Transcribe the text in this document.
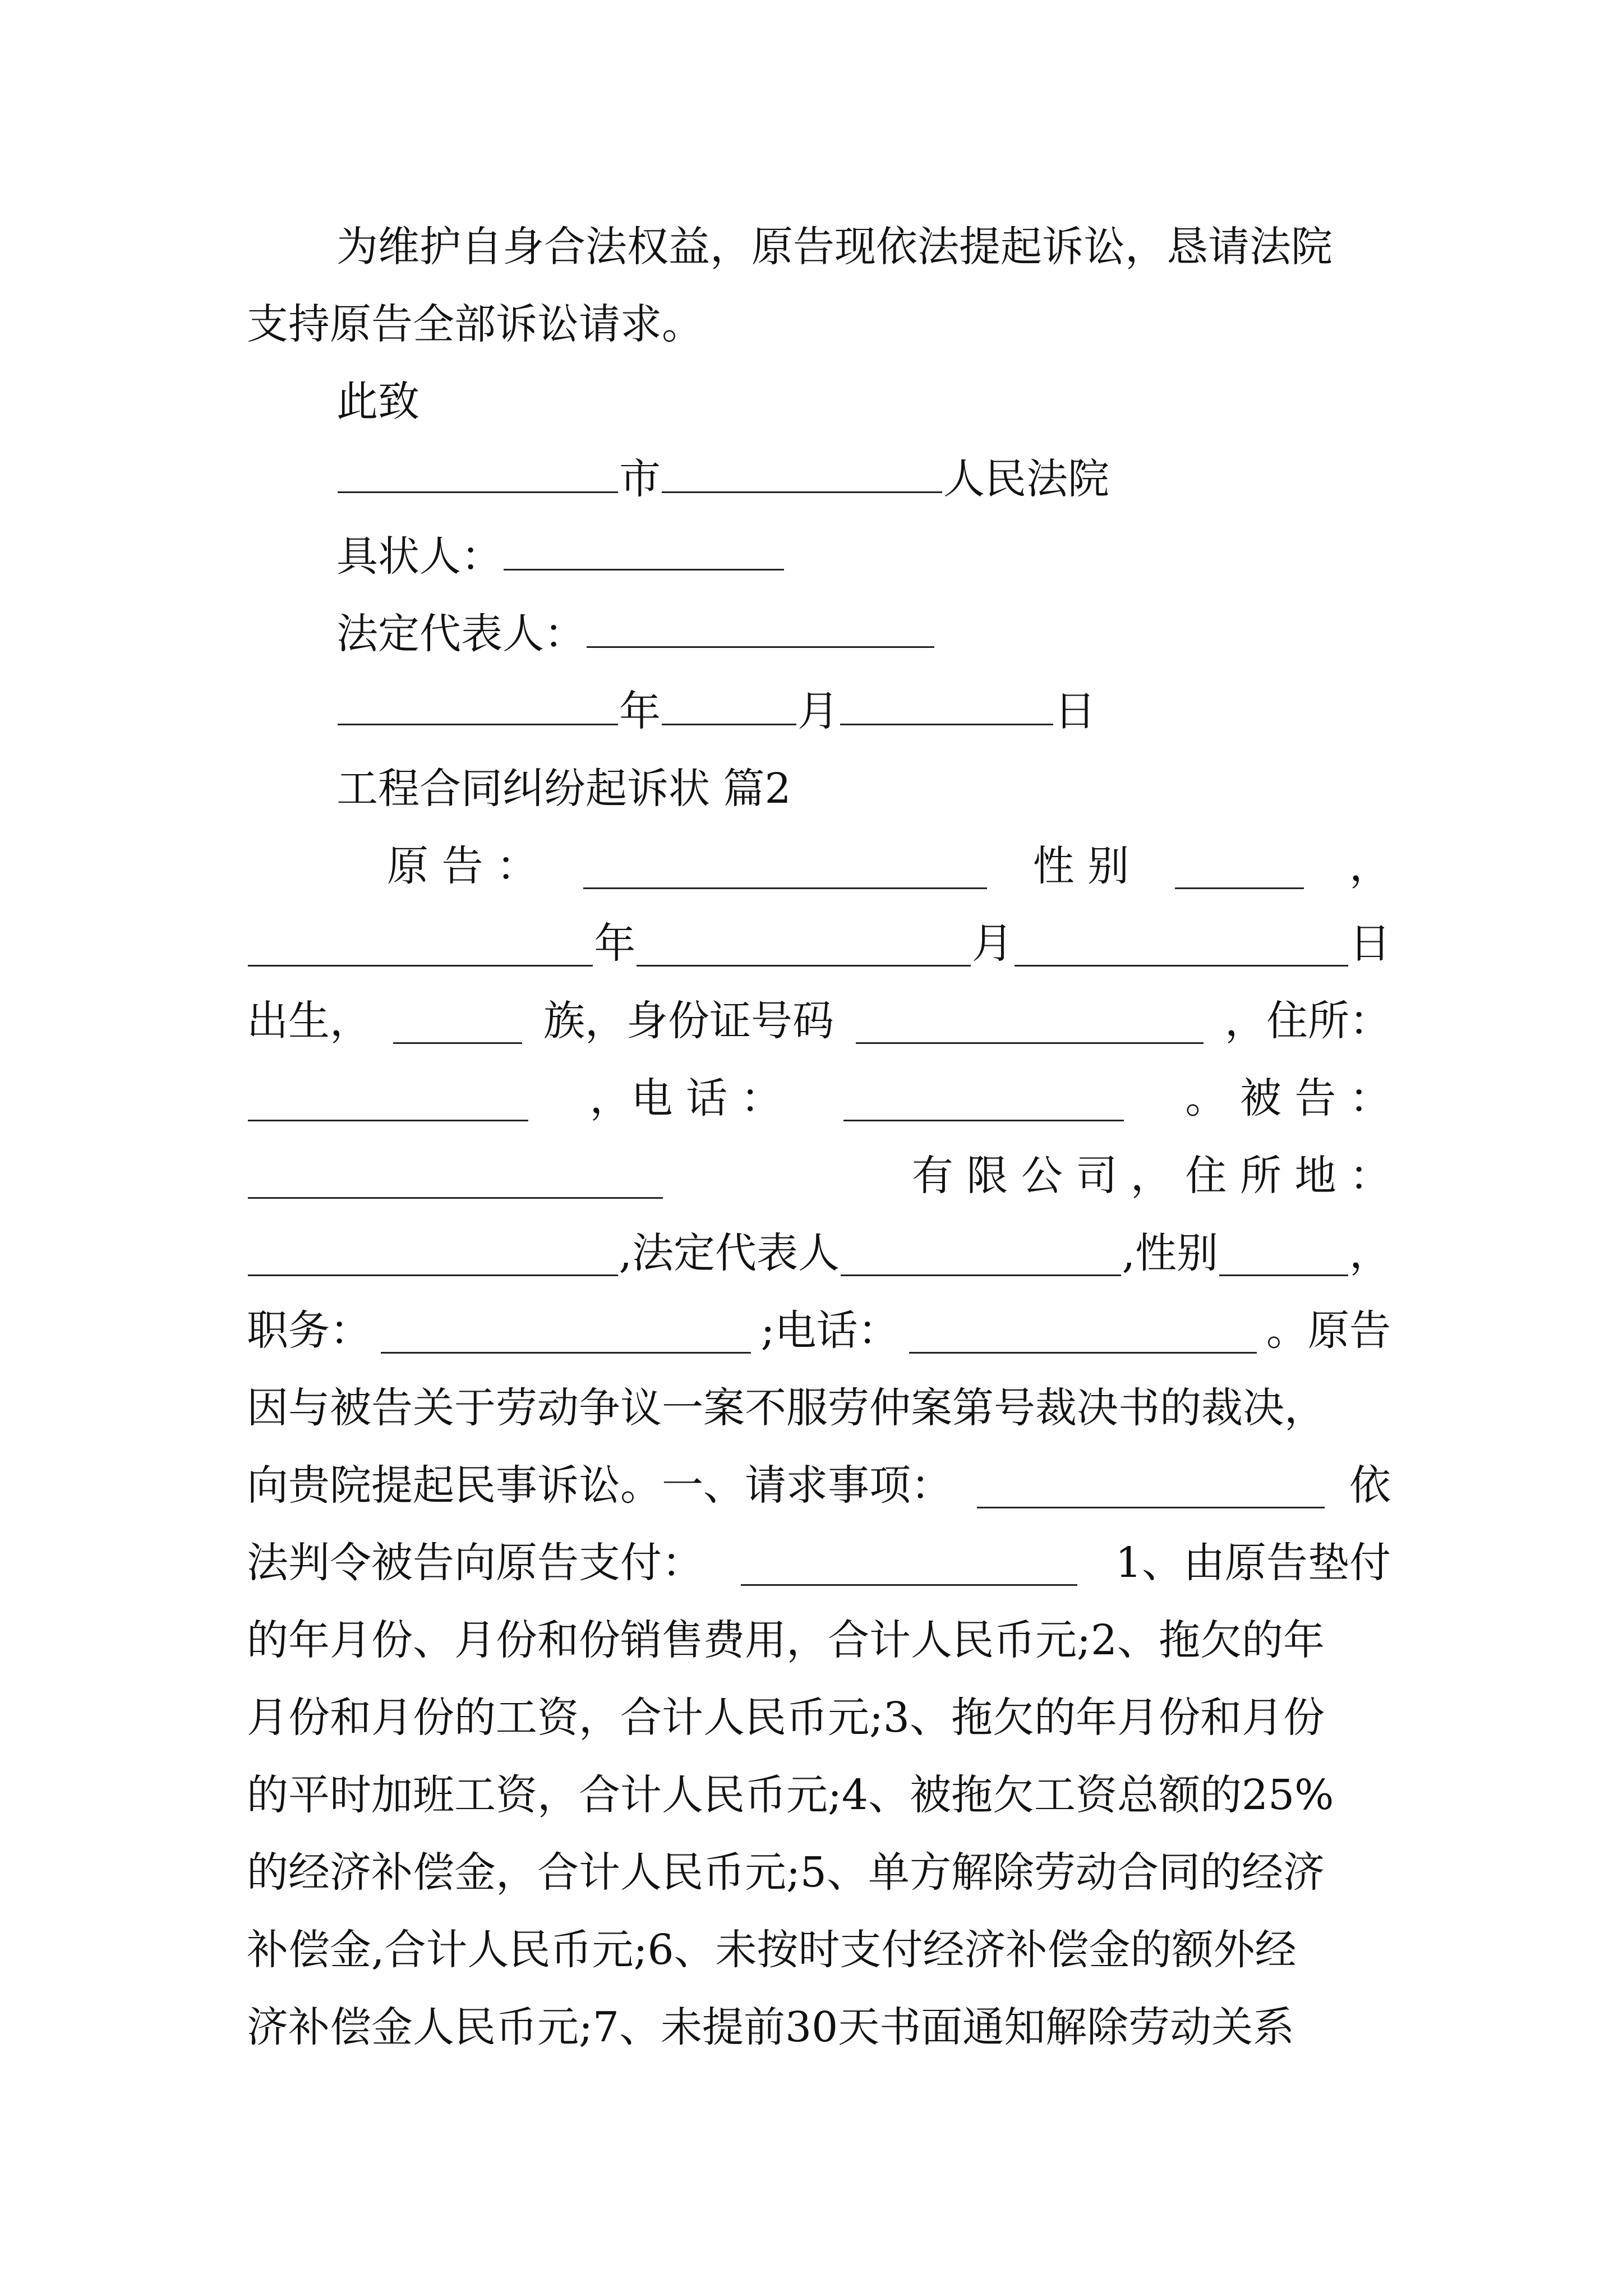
为维护自身合法权益，原告现依法提起诉讼，恳请法院
支持原告全部诉讼请求。
此致
市	人民法院
具状人：
法定代表人：
年	月	日
工程合同纠纷起诉状 篇2
原 告 ：	性 别	，
年	月	日
出生，	族，身份证号码	，住所：
，电 话 ：	。 被 告 ：
有 限 公 司 ， 住 所 地 ：
,法定代表人	,性别	，
职务：	;电话：	。原告
因与被告关于劳动争议一案不服劳仲案第号裁决书的裁决，
向贵院提起民事诉讼。一、请求事项：	依
法判令被告向原告支付：	1、由原告垫付
的年月份、月份和份销售费用，合计人民币元;2、拖欠的年
月份和月份的工资，合计人民币元;3、拖欠的年月份和月份
的平时加班工资，合计人民币元;4、被拖欠工资总额的25%
的经济补偿金，合计人民币元;5、单方解除劳动合同的经济
补偿金,合计人民币元;6、未按时支付经济补偿金的额外经
济补偿金人民币元;7、未提前30天书面通知解除劳动关系
